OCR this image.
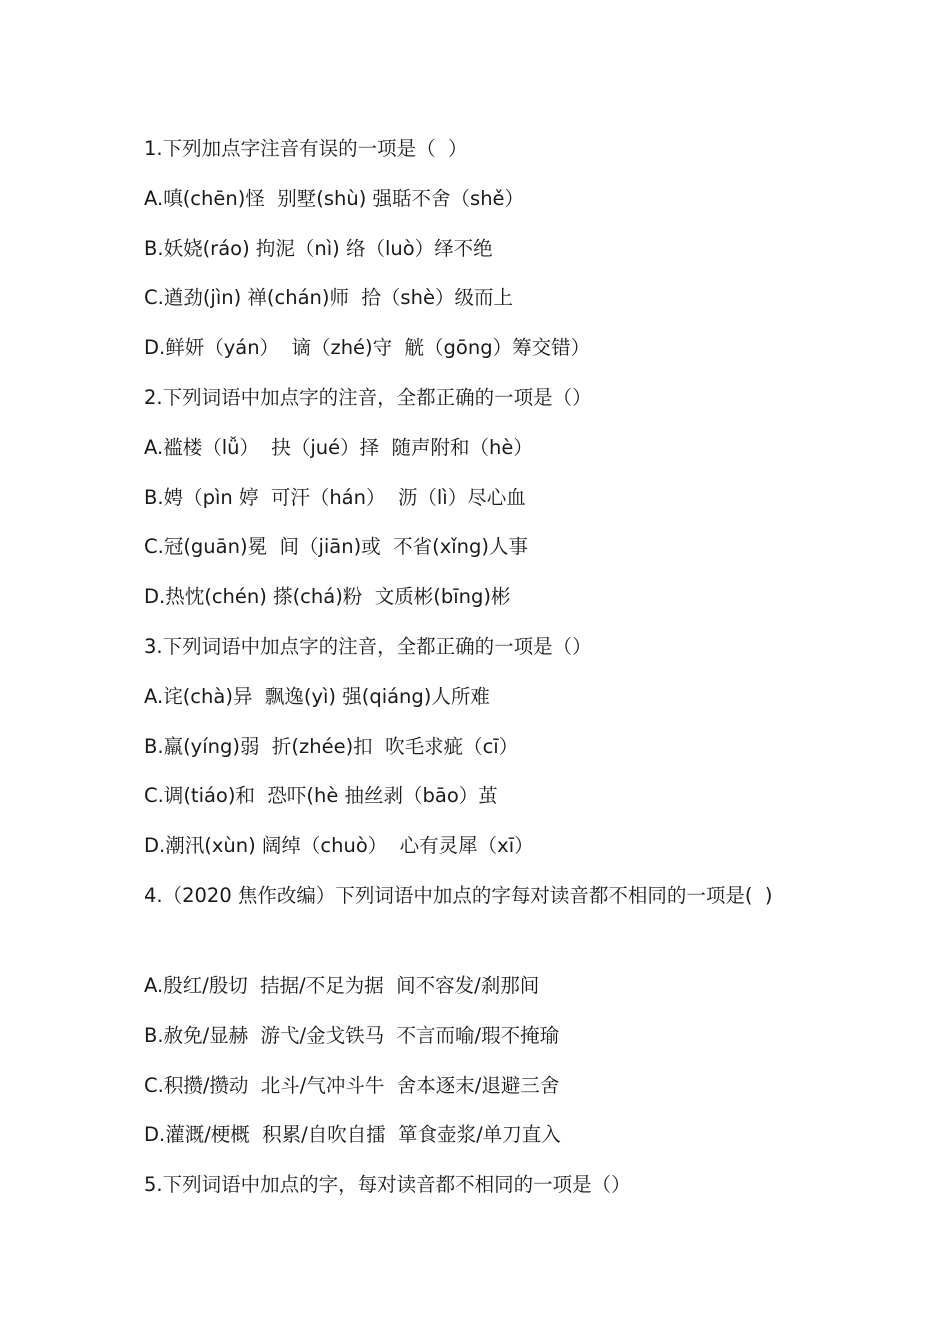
1.下列加点字注音有误的一项是（  ）
A.嗔(chēn)怪  别墅(shù) 强聒不舍（shě）
B.妖娆(ráo) 拘泥（nì) 络（luò）绎不绝
C.遒劲(jìn) 禅(chán)师  拾（shè）级而上
D.鲜妍（yán）  谪（zhé)守  觥（gōng）筹交错）
2.下列词语中加点字的注音，全都正确的一项是（）
A.褴楼（lǚ）  抉（jué）择  随声附和（hè）
B.娉（pìn 婷  可汗（hán）  沥（lì）尽心血
C.冠(guān)冕  间（jiān)或  不省(xǐng)人事
D.热忱(chén) 搽(chá)粉  文质彬(bīng)彬
3.下列词语中加点字的注音，全都正确的一项是（）
A.诧(chà)异  飘逸(yì) 强(qiáng)人所难
B.羸(yíng)弱  折(zhée)扣  吹毛求疵（cī）
C.调(tiáo)和  恐吓(hè 抽丝剥（bāo）茧
D.潮汛(xùn) 阔绰（chuò）  心有灵犀（xī）
4.（2020 焦作改编）下列词语中加点的字每对读音都不相同的一项是(  )
A.殷红/殷切  拮据/不足为据  间不容发/刹那间
B.赦免/显赫  游弋/金戈铁马  不言而喻/瑕不掩瑜
C.积攒/攒动  北斗/气冲斗牛  舍本逐末/退避三舍
D.灌溉/梗概  积累/自吹自擂  箪食壶浆/单刀直入
5.下列词语中加点的字，每对读音都不相同的一项是（）
